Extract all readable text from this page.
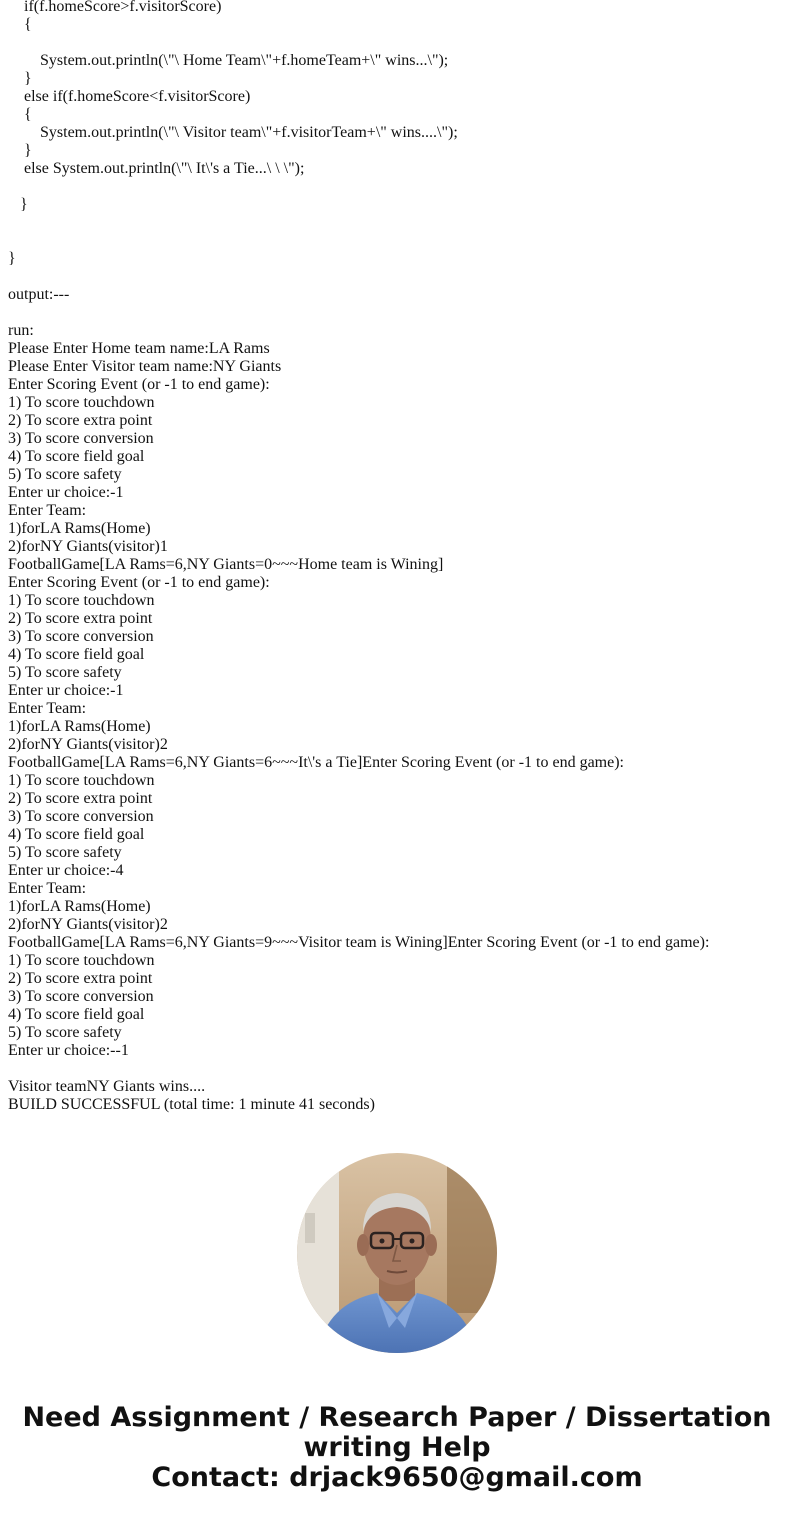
if(f.homeScore>f.visitorScore)
{
System.out.println(\"\ Home Team\"+f.homeTeam+\" wins...\");
}
else if(f.homeScore<f.visitorScore)
{
System.out.println(\"\ Visitor team\"+f.visitorTeam+\" wins....\");
}
else System.out.println(\"\ It\'s a Tie...\ \ \");
}
}
output:---
run:
Please Enter Home team name:LA Rams
Please Enter Visitor team name:NY Giants
Enter Scoring Event (or -1 to end game):
1) To score touchdown
2) To score extra point
3) To score conversion
4) To score field goal
5) To score safety
Enter ur choice:-1
Enter Team:
1)forLA Rams(Home)
2)forNY Giants(visitor)1
FootballGame[LA Rams=6,NY Giants=0~~~Home team is Wining]
Enter Scoring Event (or -1 to end game):
1) To score touchdown
2) To score extra point
3) To score conversion
4) To score field goal
5) To score safety
Enter ur choice:-1
Enter Team:
1)forLA Rams(Home)
2)forNY Giants(visitor)2
FootballGame[LA Rams=6,NY Giants=6~~~It\'s a Tie]Enter Scoring Event (or -1 to end game):
1) To score touchdown
2) To score extra point
3) To score conversion
4) To score field goal
5) To score safety
Enter ur choice:-4
Enter Team:
1)forLA Rams(Home)
2)forNY Giants(visitor)2
FootballGame[LA Rams=6,NY Giants=9~~~Visitor team is Wining]Enter Scoring Event (or -1 to end game):
1) To score touchdown
2) To score extra point
3) To score conversion
4) To score field goal
5) To score safety
Enter ur choice:--1
Visitor teamNY Giants wins....
BUILD SUCCESSFUL (total time: 1 minute 41 seconds)
Need Assignment / Research Paper / Dissertation
writing Help
Contact: drjack9650@gmail.com
